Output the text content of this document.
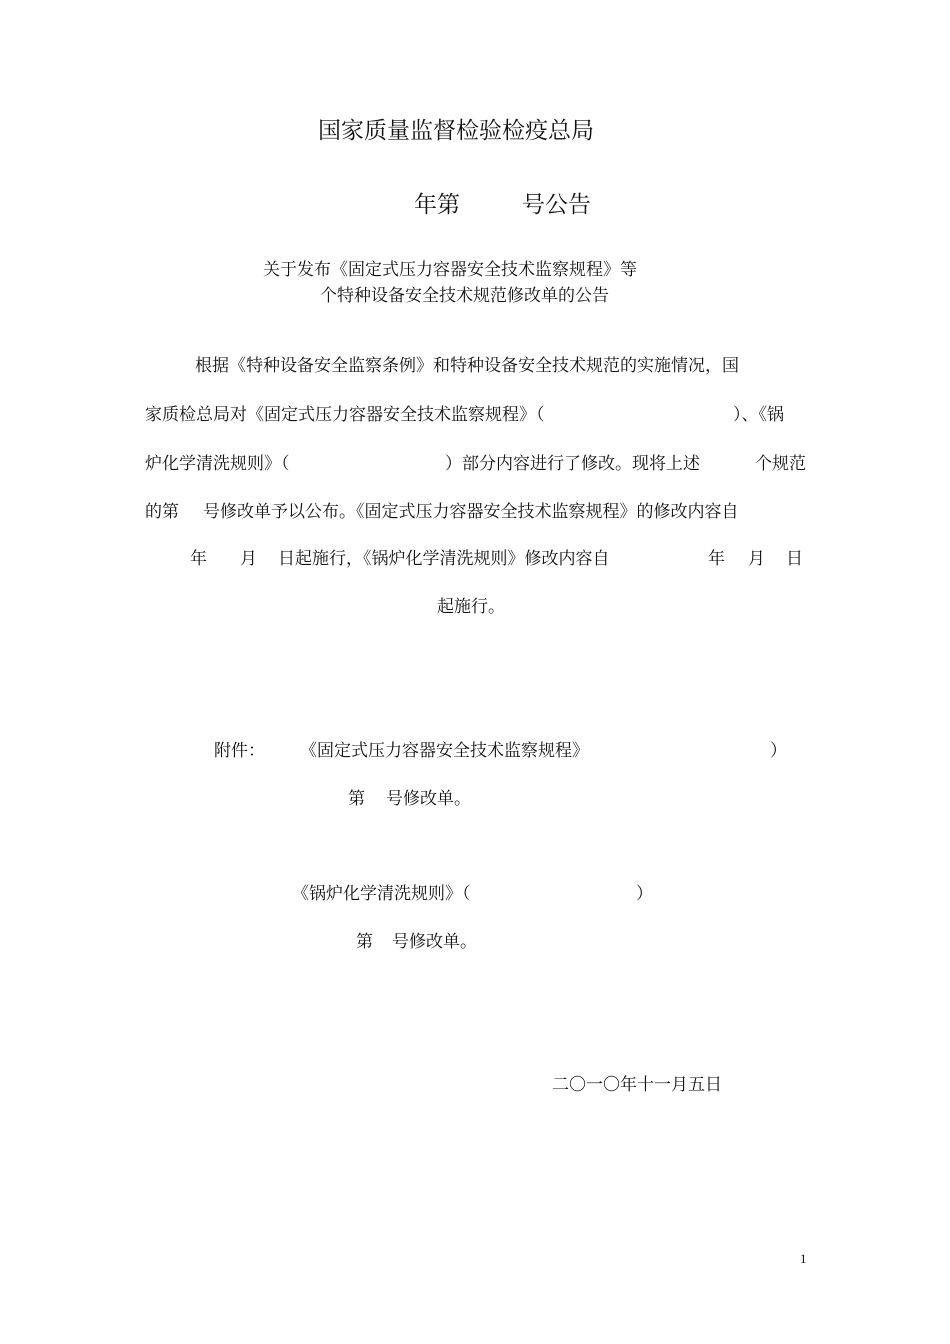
国家质量监督检验检疫总局
年第	号公告
关于发布《固定式压力容器安全技术监察规程》等
个特种设备安全技术规范修改单的公告
根据《特种设备安全监察条例》和特种设备安全技术规范的实施情况，国
家质检总局对《固定式压力容器安全技术监察规程》（	）、《锅
炉化学清洗规则》（	）部分内容进行了修改。现将上述	个规范
的第 号修改单予以公布。《固定式压力容器安全技术监察规程》的修改内容自
年 月 日起施行，《锅炉化学清洗规则》修改内容自	年 月 日
起施行。
附件： 《固定式压力容器安全技术监察规程》	）
第 号修改单。
《锅炉化学清洗规则》（	）
第 号修改单。
二〇一〇年十一月五日
1
